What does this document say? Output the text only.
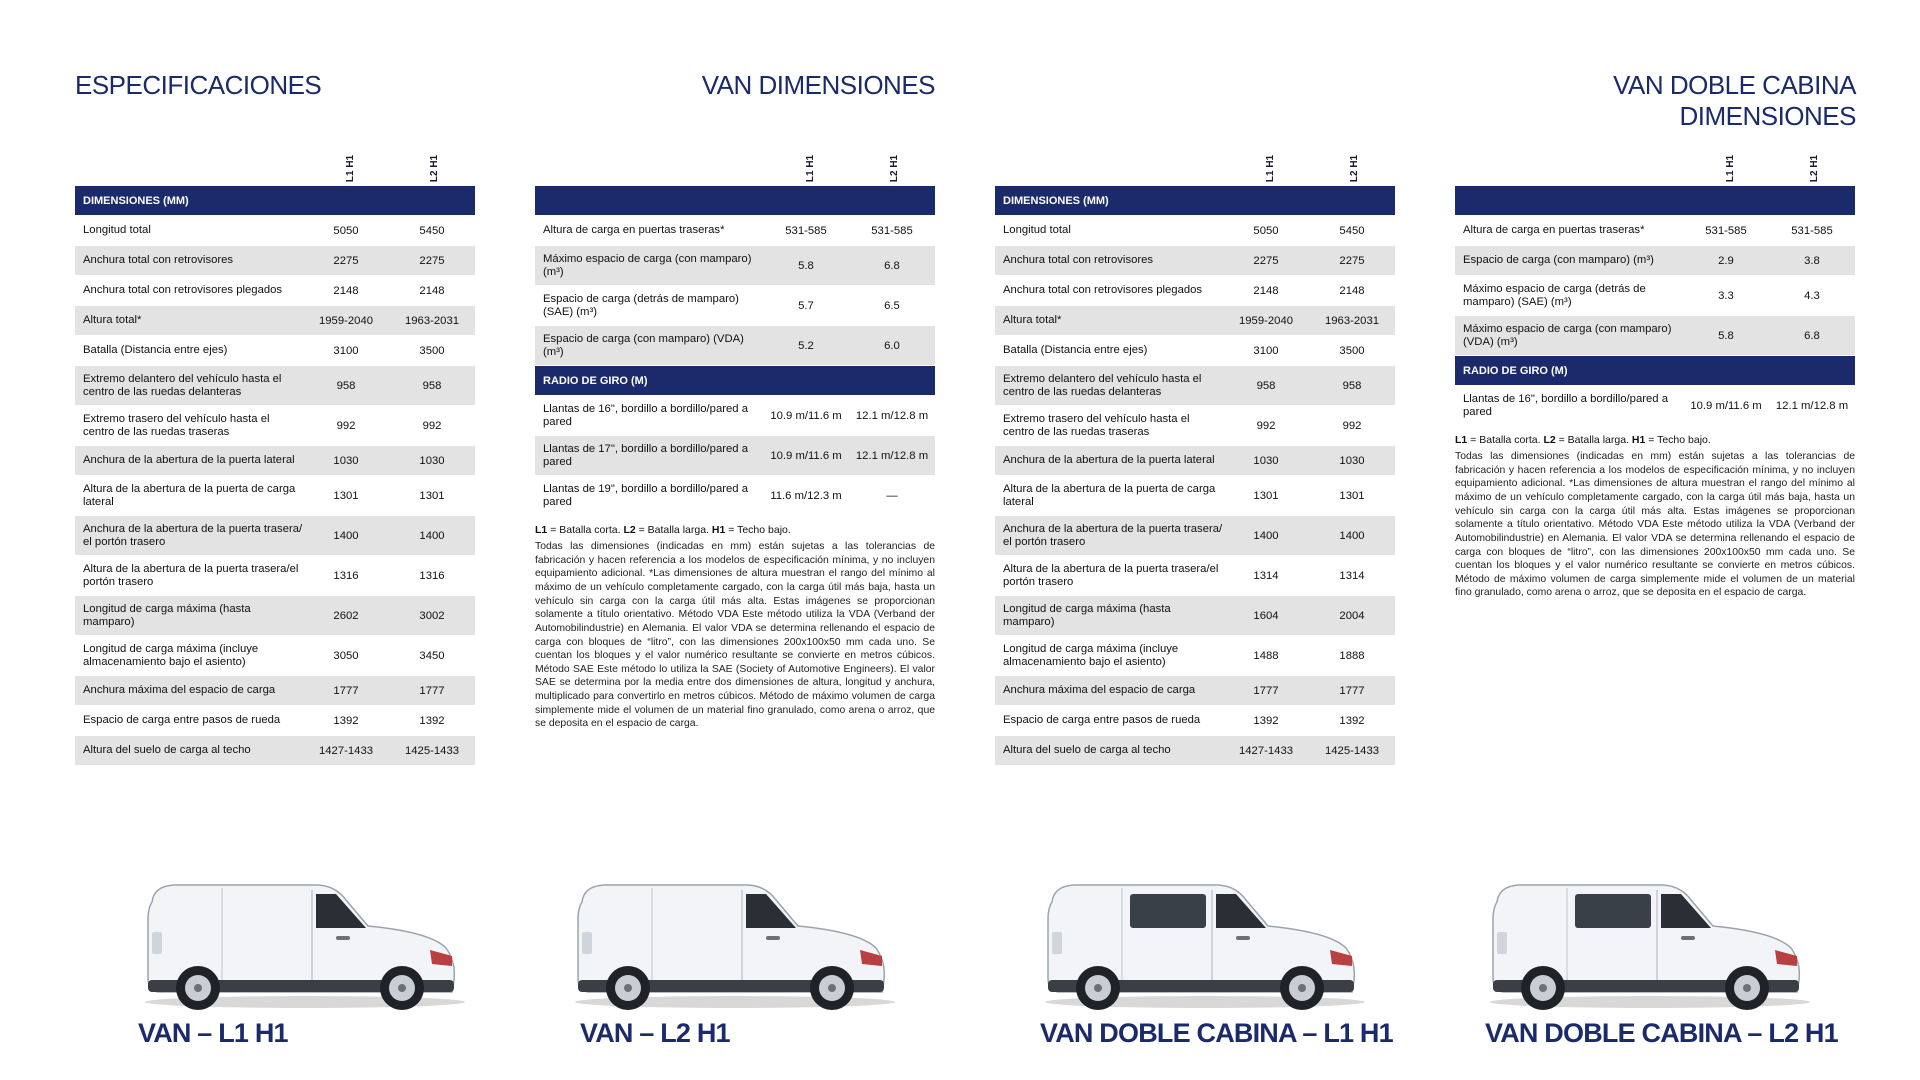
ESPECIFICACIONES	VAN DIMENSIONES	VAN DOBLE CABINA DIMENSIONES
L1 H1	L2 H1
DIMENSIONES (MM)
Longitud total	5050	5450
Anchura total con retrovisores	2275	2275
Anchura total con retrovisores plegados	2148	2148
Altura total*	1959-2040	1963-2031
Batalla (Distancia entre ejes)	3100	3500
Extremo delantero del vehículo hasta el centro de las ruedas delanteras	958	958
Extremo trasero del vehículo hasta el centro de las ruedas traseras	992	992
Anchura de la abertura de la puerta lateral	1030	1030
Altura de la abertura de la puerta de carga lateral	1301	1301
Anchura de la abertura de la puerta trasera/ el portón trasero	1400	1400
Altura de la abertura de la puerta trasera/el portón trasero	1316	1316
Longitud de carga máxima (hasta mamparo)	2602	3002
Longitud de carga máxima (incluye almacenamiento bajo el asiento)	3050	3450
Anchura máxima del espacio de carga	1777	1777
Espacio de carga entre pasos de rueda	1392	1392
Altura del suelo de carga al techo	1427-1433	1425-1433
L1 H1	L2 H1
Altura de carga en puertas traseras*	531-585	531-585
Máximo espacio de carga (con mamparo) (m³)	5.8	6.8
Espacio de carga (detrás de mamparo) (SAE) (m³)	5.7	6.5
Espacio de carga (con mamparo) (VDA) (m³)	5.2	6.0
RADIO DE GIRO (M)
Llantas de 16", bordillo a bordillo/pared a pared	10.9 m/11.6 m	12.1 m/12.8 m
Llantas de 17", bordillo a bordillo/pared a pared	10.9 m/11.6 m	12.1 m/12.8 m
Llantas de 19", bordillo a bordillo/pared a pared	11.6 m/12.3 m	—
L1 = Batalla corta. L2 = Batalla larga. H1 = Techo bajo.

Todas las dimensiones (indicadas en mm) están sujetas a las tolerancias de fabricación y hacen referencia a los modelos de especificación mínima, y no incluyen equipamiento adicional. *Las dimensiones de altura muestran el rango del mínimo al máximo de un vehículo completamente cargado, con la carga útil más baja, hasta un vehículo sin carga con la carga útil más alta. Estas imágenes se proporcionan solamente a título orientativo. Método VDA Este método utiliza la VDA (Verband der Automobilindustrie) en Alemania. El valor VDA se determina rellenando el espacio de carga con bloques de “litro”, con las dimensiones 200x100x50 mm cada uno. Se cuentan los bloques y el valor numérico resultante se convierte en metros cúbicos. Método SAE Este método lo utiliza la SAE (Society of Automotive Engineers). El valor SAE se determina por la media entre dos dimensiones de altura, longitud y anchura, multiplicado para convertirlo en metros cúbicos. Método de máximo volumen de carga simplemente mide el volumen de un material fino granulado, como arena o arroz, que se deposita en el espacio de carga.

L1 H1	L2 H1
DIMENSIONES (MM)
Longitud total	5050	5450
Anchura total con retrovisores	2275	2275
Anchura total con retrovisores plegados	2148	2148
Altura total*	1959-2040	1963-2031
Batalla (Distancia entre ejes)	3100	3500
Extremo delantero del vehículo hasta el centro de las ruedas delanteras	958	958
Extremo trasero del vehículo hasta el centro de las ruedas traseras	992	992
Anchura de la abertura de la puerta lateral	1030	1030
Altura de la abertura de la puerta de carga lateral	1301	1301
Anchura de la abertura de la puerta trasera/ el portón trasero	1400	1400
Altura de la abertura de la puerta trasera/el portón trasero	1314	1314
Longitud de carga máxima (hasta mamparo)	1604	2004
Longitud de carga máxima (incluye almacenamiento bajo el asiento)	1488	1888
Anchura máxima del espacio de carga	1777	1777
Espacio de carga entre pasos de rueda	1392	1392
Altura del suelo de carga al techo	1427-1433	1425-1433
L1 H1	L2 H1
Altura de carga en puertas traseras*	531-585	531-585
Espacio de carga (con mamparo) (m³)	2.9	3.8
Máximo espacio de carga (detrás de mamparo) (SAE) (m³)	3.3	4.3
Máximo espacio de carga (con mamparo) (VDA) (m³)	5.8	6.8
RADIO DE GIRO (M)
Llantas de 16", bordillo a bordillo/pared a pared	10.9 m/11.6 m	12.1 m/12.8 m
L1 = Batalla corta. L2 = Batalla larga. H1 = Techo bajo.

Todas las dimensiones (indicadas en mm) están sujetas a las tolerancias de fabricación y hacen referencia a los modelos de especificación mínima, y no incluyen equipamiento adicional. *Las dimensiones de altura muestran el rango del mínimo al máximo de un vehículo completamente cargado, con la carga útil más baja, hasta un vehículo sin carga con la carga útil más alta. Estas imágenes se proporcionan solamente a título orientativo. Método VDA Este método utiliza la VDA (Verband der Automobilindustrie) en Alemania. El valor VDA se determina rellenando el espacio de carga con bloques de “litro”, con las dimensiones 200x100x50 mm cada uno. Se cuentan los bloques y el valor numérico resultante se convierte en metros cúbicos. Método de máximo volumen de carga simplemente mide el volumen de un material fino granulado, como arena o arroz, que se deposita en el espacio de carga.

VAN – L1 H1	VAN – L2 H1	VAN DOBLE CABINA – L1 H1	VAN DOBLE CABINA – L2 H1
